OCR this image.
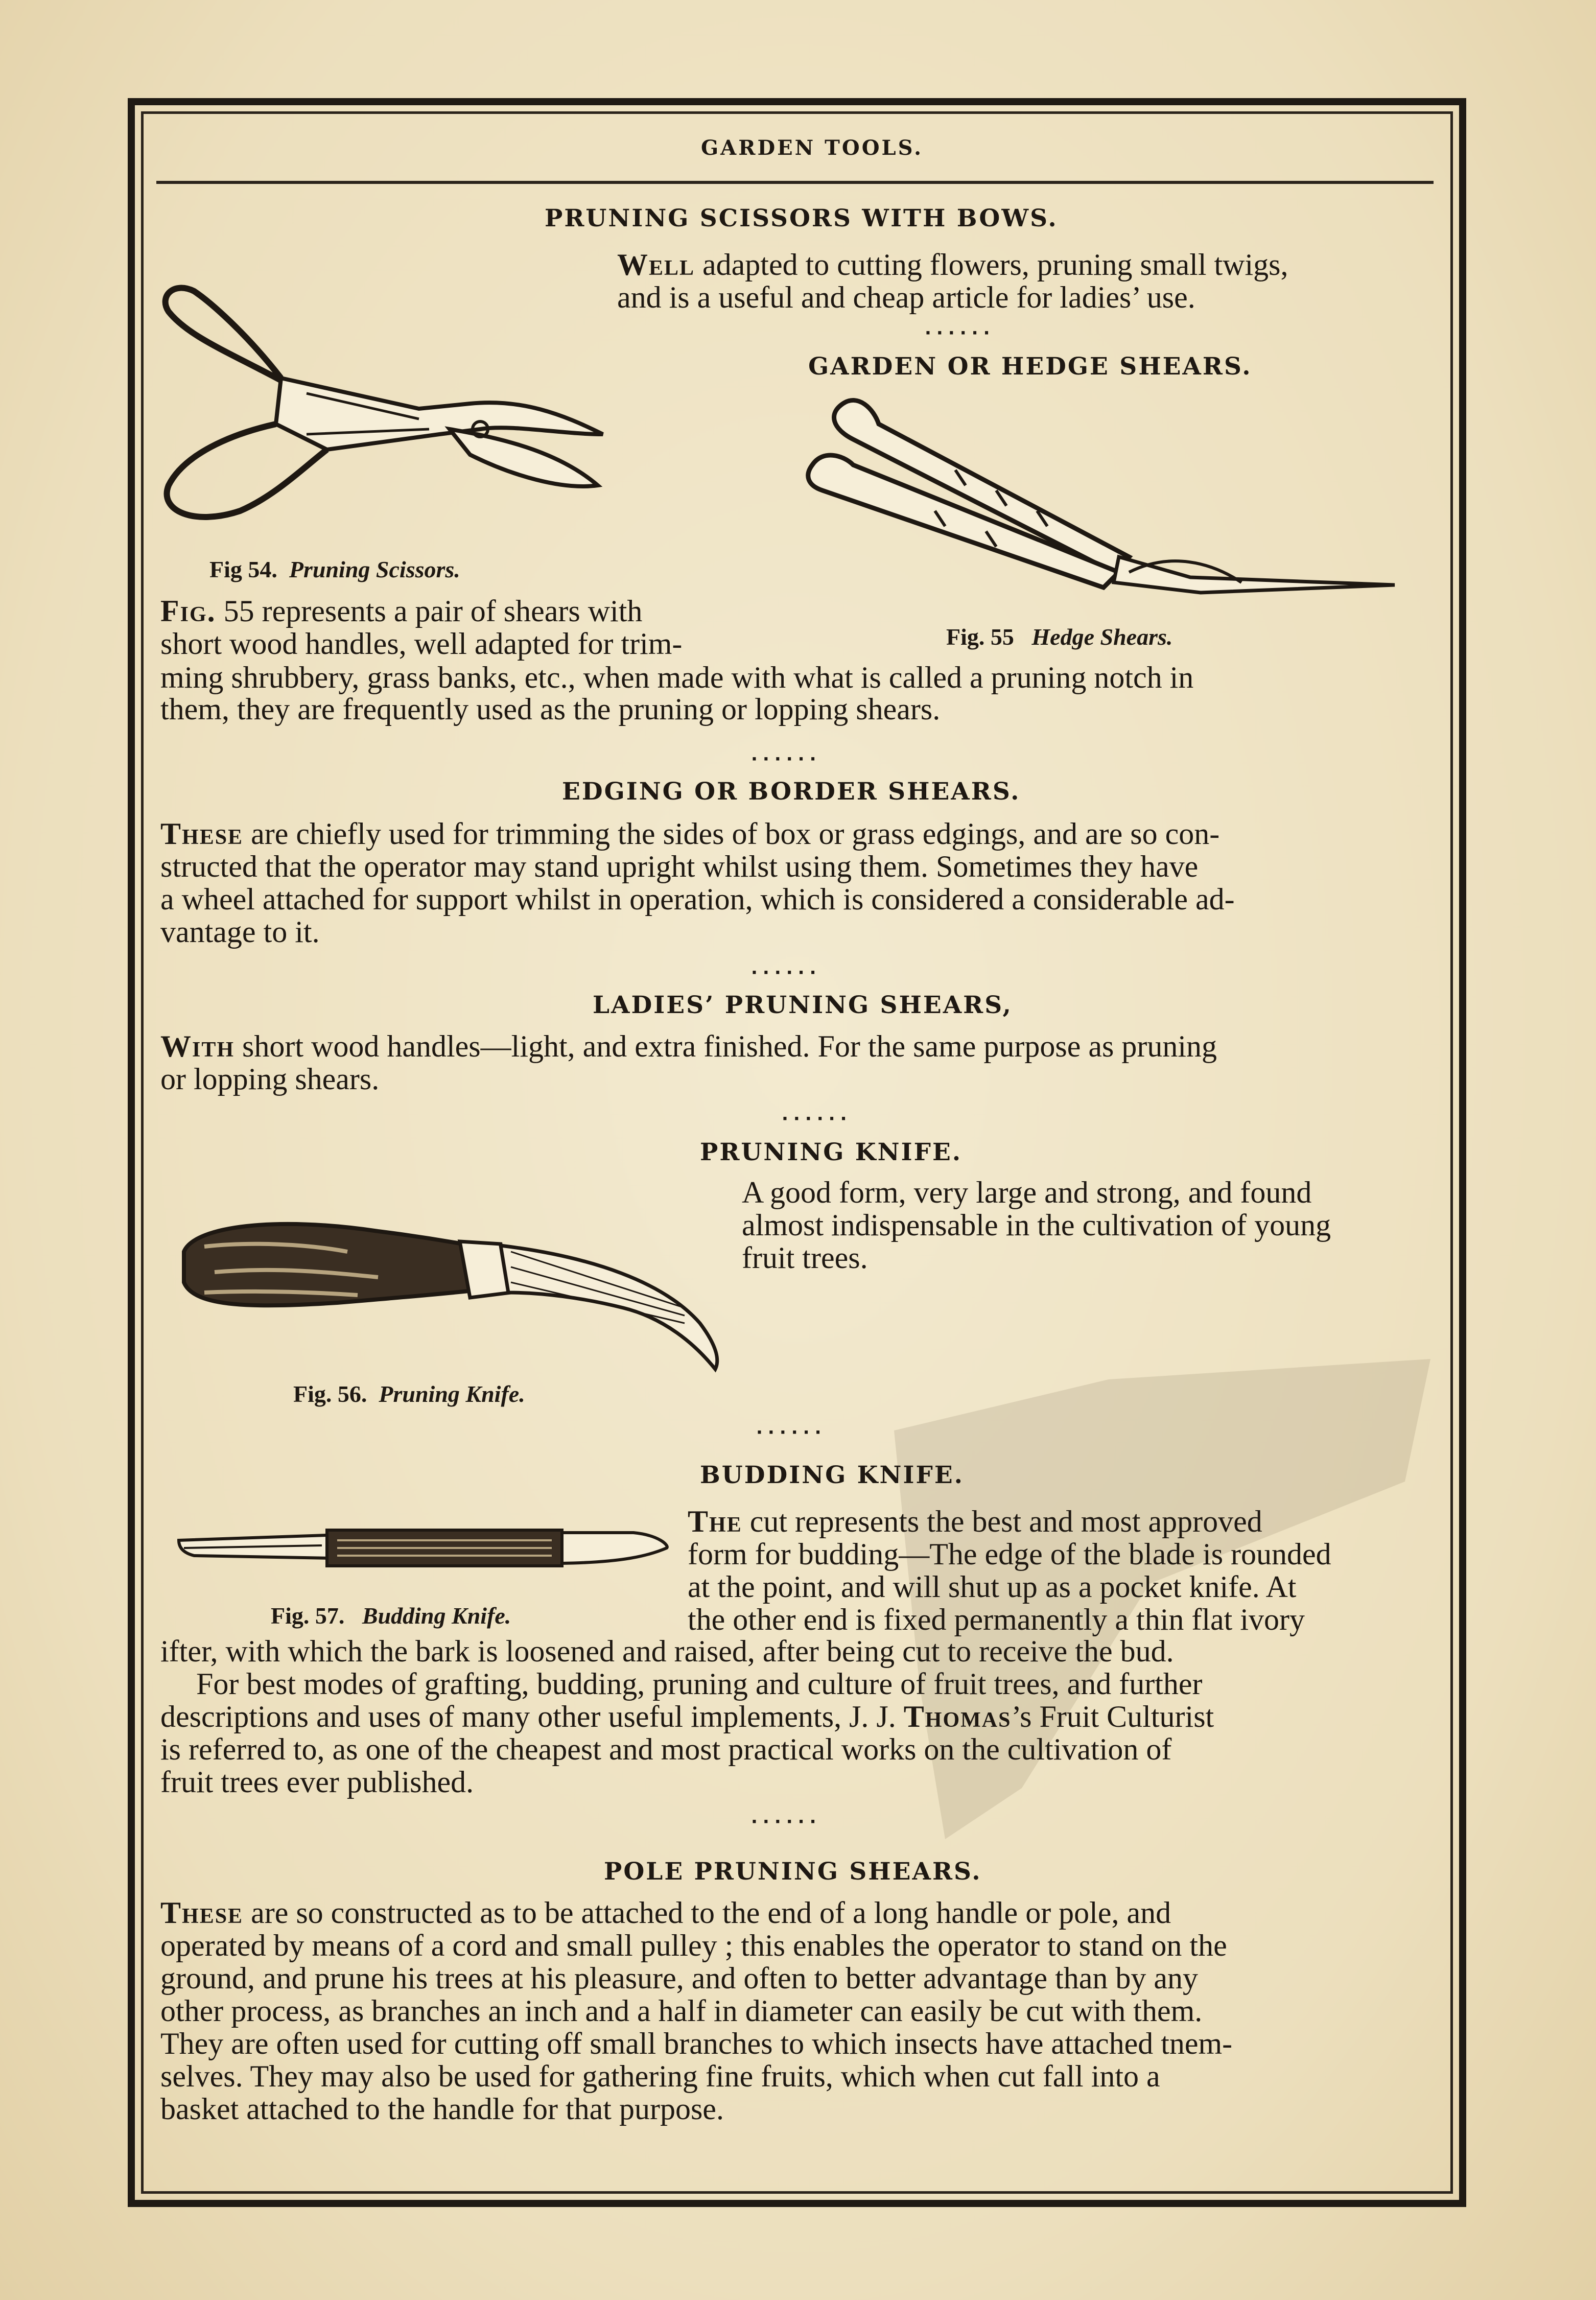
GARDEN TOOLS.

PRUNING SCISSORS WITH BOWS.

Well adapted to cutting flowers, pruning small twigs,

and is a useful and cheap article for ladies’ use.

······

GARDEN OR HEDGE SHEARS.

Fig 54. Pruning Scissors.

Fig. 55 Hedge Shears.

Fig. 55 represents a pair of shears with

short wood handles, well adapted for trim-

ming shrubbery, grass banks, etc., when made with what is called a pruning notch in

them, they are frequently used as the pruning or lopping shears.

······

EDGING OR BORDER SHEARS.

These are chiefly used for trimming the sides of box or grass edgings, and are so con-

structed that the operator may stand upright whilst using them. Sometimes they have

a wheel attached for support whilst in operation, which is considered a considerable ad-

vantage to it.

······

LADIES’ PRUNING SHEARS,

With short wood handles—light, and extra finished. For the same purpose as pruning

or lopping shears.

······

PRUNING KNIFE.

A good form, very large and strong, and found

almost indispensable in the cultivation of young

fruit trees.

Fig. 56. Pruning Knife.

······

BUDDING KNIFE.

Fig. 57. Budding Knife.

The cut represents the best and most approved

form for budding—The edge of the blade is rounded

at the point, and will shut up as a pocket knife. At

the other end is fixed permanently a thin flat ivory

ifter, with which the bark is loosened and raised, after being cut to receive the bud.

For best modes of grafting, budding, pruning and culture of fruit trees, and further

descriptions and uses of many other useful implements, J. J. Thomas’s Fruit Culturist

is referred to, as one of the cheapest and most practical works on the cultivation of

fruit trees ever published.

······

POLE PRUNING SHEARS.

These are so constructed as to be attached to the end of a long handle or pole, and

operated by means of a cord and small pulley ; this enables the operator to stand on the

ground, and prune his trees at his pleasure, and often to better advantage than by any

other process, as branches an inch and a half in diameter can easily be cut with them.

They are often used for cutting off small branches to which insects have attached tnem-

selves. They may also be used for gathering fine fruits, which when cut fall into a

basket attached to the handle for that purpose.
